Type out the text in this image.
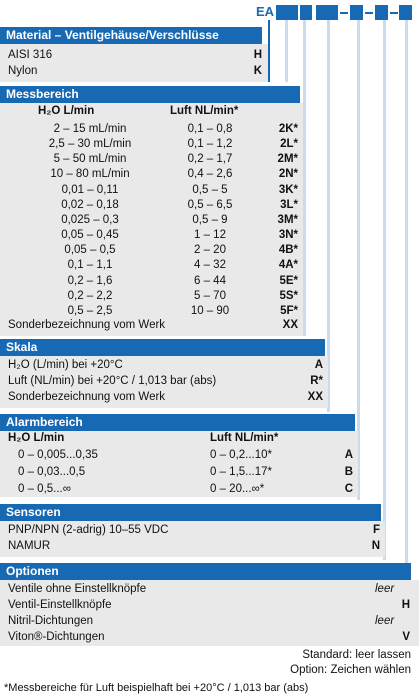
EA
Material – Ventilgehäuse/Verschlüsse
AISI 316	H
Nylon	K
Messbereich
H₂O L/min	Luft NL/min*
2 – 15 mL/min	0,1 – 0,8	2K*
2,5 – 30 mL/min	0,1 – 1,2	2L*
5 – 50 mL/min	0,2 – 1,7	2M*
10 – 80 mL/min	0,4 – 2,6	2N*
0,01 – 0,11	0,5 – 5	3K*
0,02 – 0,18	0,5 – 6,5	3L*
0,025 – 0,3	0,5 – 9	3M*
0,05 – 0,45	1 – 12	3N*
0,05 – 0,5	2 – 20	4B*
0,1 – 1,1	4 – 32	4A*
0,2 – 1,6	6 – 44	5E*
0,2 – 2,2	5 – 70	5S*
0,5 – 2,5	10 – 90	5F*
Sonderbezeichnung vom Werk	XX
Skala
H₂O (L/min) bei +20°C	A
Luft (NL/min) bei +20°C / 1,013 bar (abs)	R*
Sonderbezeichnung vom Werk	XX
Alarmbereich
H₂O L/min	Luft NL/min*
0 – 0,005...0,35	0 – 0,2...10*	A
0 – 0,03...0,5	0 – 1,5...17*	B
0 – 0,5...∞	0 – 20...∞*	C
Sensoren
PNP/NPN (2-adrig) 10–55 VDC	F
NAMUR	N
Optionen
Ventile ohne Einstellknöpfe	leer
Ventil-Einstellknöpfe	H
Nitril-Dichtungen	leer
Viton®-Dichtungen	V
Standard: leer lassen
Option: Zeichen wählen
*Messbereiche für Luft beispielhaft bei +20°C / 1,013 bar (abs)
